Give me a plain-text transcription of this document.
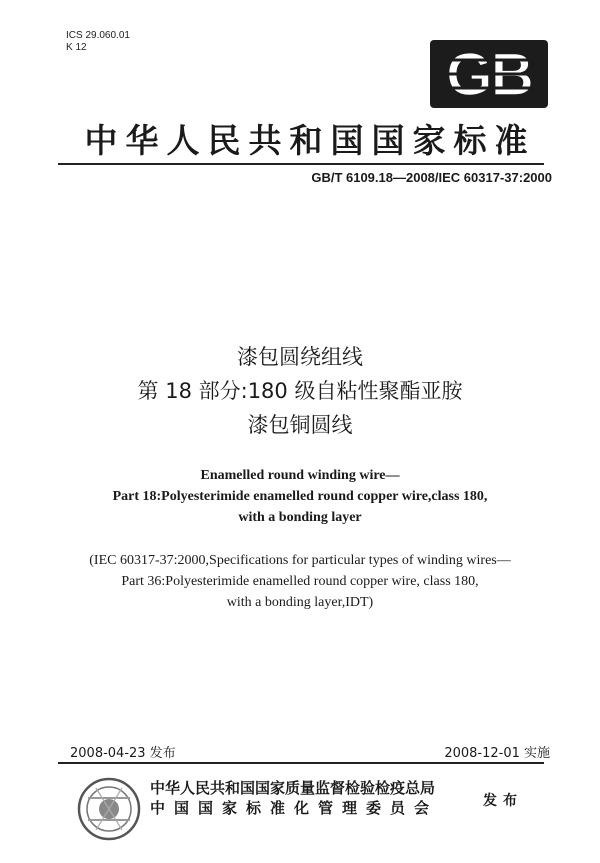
ICS 29.060.01
K 12	GB
中华人民共和国国家标准
GB/T 6109.18—2008/IEC 60317-37:2000
漆包圆绕组线
第 18 部分:180 级自粘性聚酯亚胺
漆包铜圆线
Enamelled round winding wire—
Part 18:Polyesterimide enamelled round copper wire,class 180,
with a bonding layer
(IEC 60317-37:2000,Specifications for particular types of winding wires—
Part 36:Polyesterimide enamelled round copper wire, class 180,
with a bonding layer,IDT)
2008-04-23 发布	2008-12-01 实施
中华人民共和国国家质量监督检验检疫总局
中国国家标准化管理委员会	发布
